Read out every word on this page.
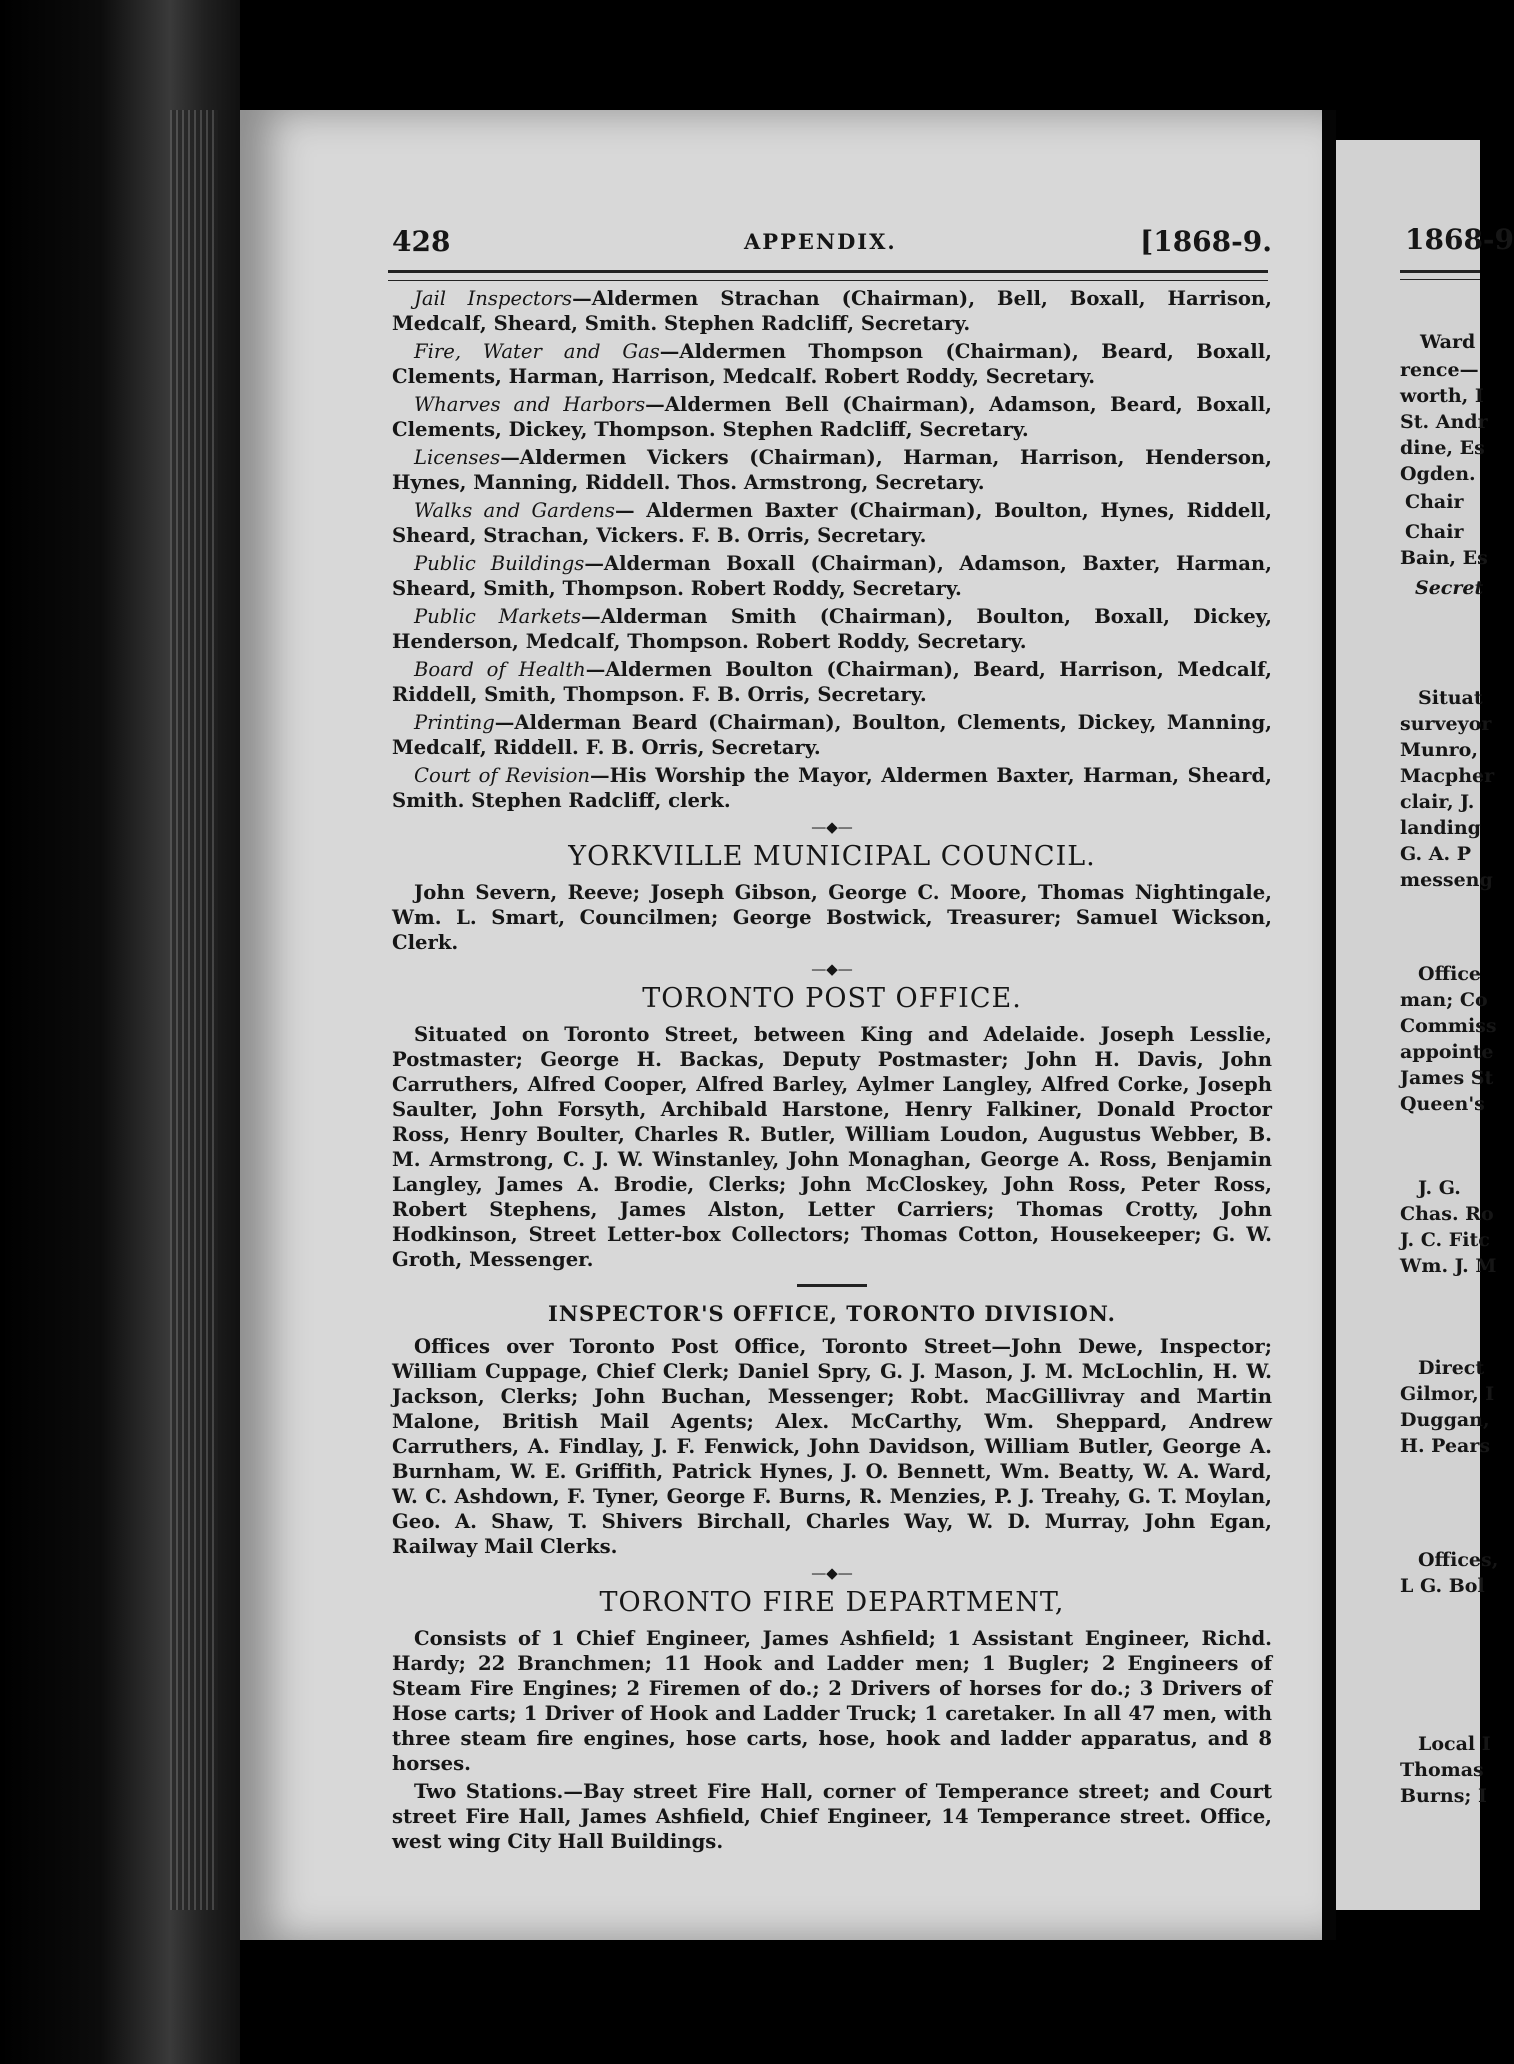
428	APPENDIX.	[1868-9.

Jail Inspectors—Aldermen Strachan (Chairman), Bell, Boxall, Harrison, Medcalf, Sheard, Smith. Stephen Radcliff, Secretary.

Fire, Water and Gas—Aldermen Thompson (Chairman), Beard, Boxall, Clements, Harman, Harrison, Medcalf. Robert Roddy, Secretary.

Wharves and Harbors—Aldermen Bell (Chairman), Adamson, Beard, Boxall, Clements, Dickey, Thompson. Stephen Radcliff, Secretary.

Licenses—Aldermen Vickers (Chairman), Harman, Harrison, Henderson, Hynes, Manning, Riddell. Thos. Armstrong, Secretary.

Walks and Gardens— Aldermen Baxter (Chairman), Boulton, Hynes, Riddell, Sheard, Strachan, Vickers. F. B. Orris, Secretary.

Public Buildings—Alderman Boxall (Chairman), Adamson, Baxter, Harman, Sheard, Smith, Thompson. Robert Roddy, Secretary.

Public Markets—Alderman Smith (Chairman), Boulton, Boxall, Dickey, Henderson, Medcalf, Thompson. Robert Roddy, Secretary.

Board of Health—Aldermen Boulton (Chairman), Beard, Harrison, Medcalf, Riddell, Smith, Thompson. F. B. Orris, Secretary.

Printing—Alderman Beard (Chairman), Boulton, Clements, Dickey, Manning, Medcalf, Riddell. F. B. Orris, Secretary.

Court of Revision—His Worship the Mayor, Aldermen Baxter, Harman, Sheard, Smith. Stephen Radcliff, clerk.

—◆—
YORKVILLE MUNICIPAL COUNCIL.

John Severn, Reeve; Joseph Gibson, George C. Moore, Thomas Nightingale, Wm. L. Smart, Councilmen; George Bostwick, Treasurer; Samuel Wickson, Clerk.

—◆—
TORONTO POST OFFICE.

Situated on Toronto Street, between King and Adelaide. Joseph Lesslie, Postmaster; George H. Backas, Deputy Postmaster; John H. Davis, John Carruthers, Alfred Cooper, Alfred Barley, Aylmer Langley, Alfred Corke, Joseph Saulter, John Forsyth, Archibald Harstone, Henry Falkiner, Donald Proctor Ross, Henry Boulter, Charles R. Butler, William Loudon, Augustus Webber, B. M. Armstrong, C. J. W. Winstanley, John Monaghan, George A. Ross, Benjamin Langley, James A. Brodie, Clerks; John McCloskey, John Ross, Peter Ross, Robert Stephens, James Alston, Letter Carriers; Thomas Crotty, John Hodkinson, Street Letter-box Collectors; Thomas Cotton, Housekeeper; G. W. Groth, Messenger.

INSPECTOR'S OFFICE, TORONTO DIVISION.

Offices over Toronto Post Office, Toronto Street—John Dewe, Inspector; William Cuppage, Chief Clerk; Daniel Spry, G. J. Mason, J. M. McLochlin, H. W. Jackson, Clerks; John Buchan, Messenger; Robt. MacGillivray and Martin Malone, British Mail Agents; Alex. McCarthy, Wm. Sheppard, Andrew Carruthers, A. Findlay, J. F. Fenwick, John Davidson, William Butler, George A. Burnham, W. E. Griffith, Patrick Hynes, J. O. Bennett, Wm. Beatty, W. A. Ward, W. C. Ashdown, F. Tyner, George F. Burns, R. Menzies, P. J. Treahy, G. T. Moylan, Geo. A. Shaw, T. Shivers Birchall, Charles Way, W. D. Murray, John Egan, Railway Mail Clerks.

—◆—
TORONTO FIRE DEPARTMENT,

Consists of 1 Chief Engineer, James Ashfield; 1 Assistant Engineer, Richd. Hardy; 22 Branchmen; 11 Hook and Ladder men; 1 Bugler; 2 Engineers of Steam Fire Engines; 2 Firemen of do.; 2 Drivers of horses for do.; 3 Drivers of Hose carts; 1 Driver of Hook and Ladder Truck; 1 caretaker. In all 47 men, with three steam fire engines, hose carts, hose, hook and ladder apparatus, and 8 horses.

Two Stations.—Bay street Fire Hall, corner of Temperance street; and Court street Fire Hall, James Ashfield, Chief Engineer, 14 Temperance street. Office, west wing City Hall Buildings.

1868-9
Ward
rence—
worth, I
St. Andr
dine, Es
Ogden.
Chair
Chair
Bain, Es
Secret
Situat
surveyor
Munro,
Macpher
clair, J.
landing
G. A. P
messeng
Office
man; Co
Commiss
appointe
James St
Queen's
J. G.
Chas. Ro
J. C. Fitc
Wm. J. M
Direct
Gilmor, I
Duggan,
H. Pears
Offices,
L G. Bol
Local I
Thomas
Burns; I
